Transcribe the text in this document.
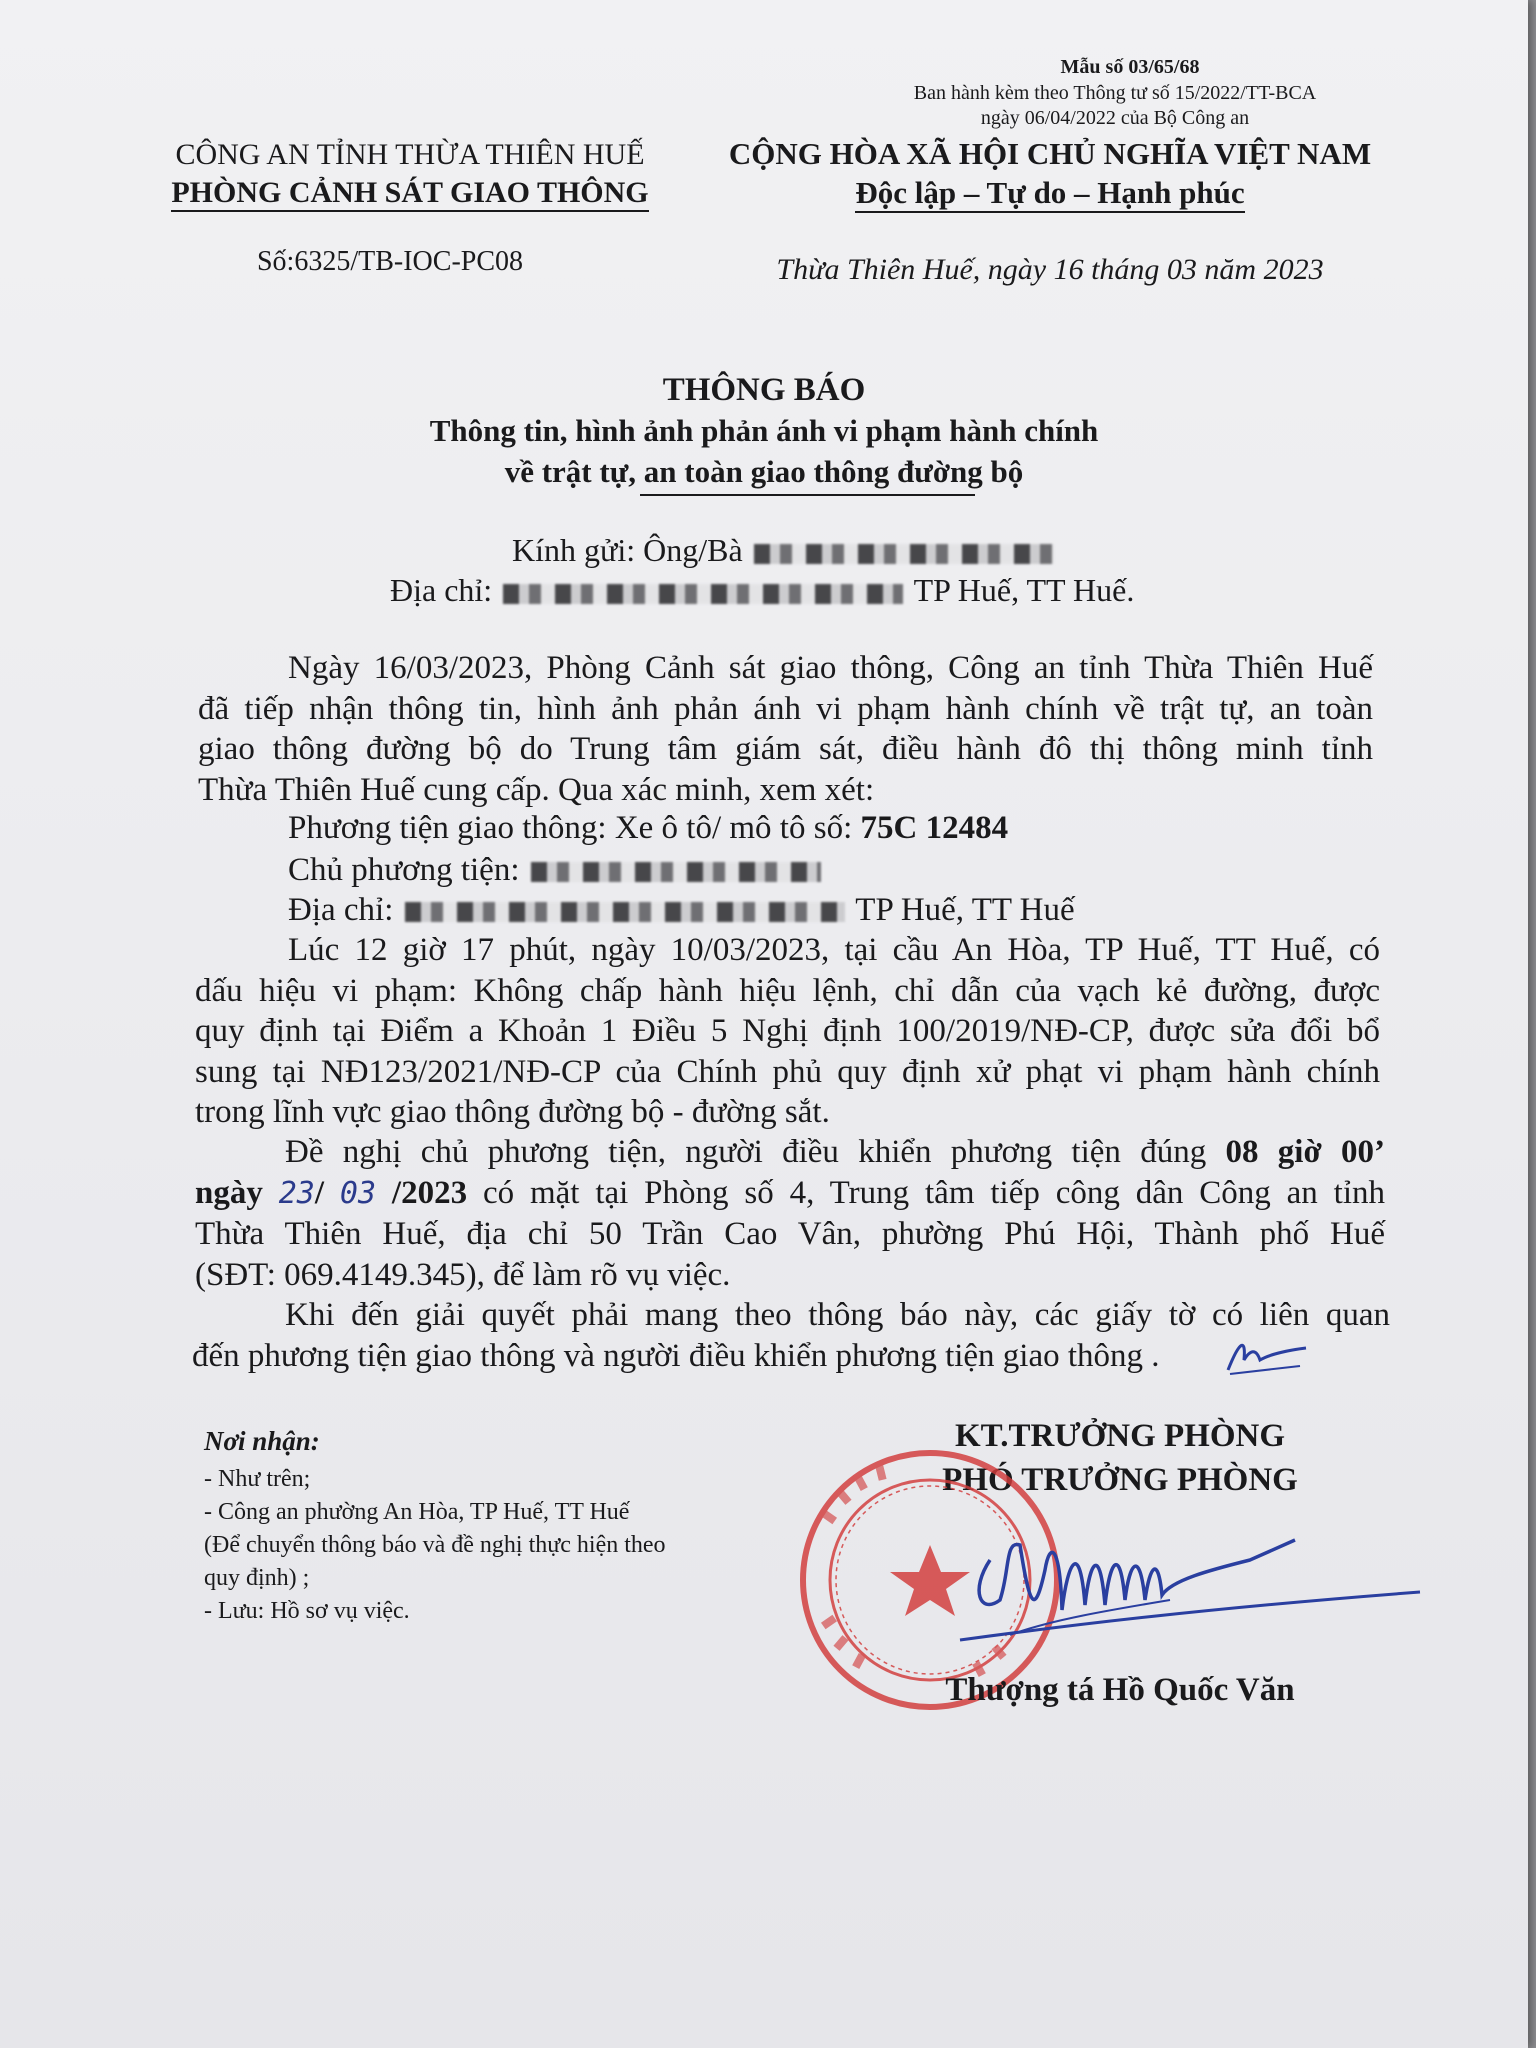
Mẫu số 03/65/68
Ban hành kèm theo Thông tư số 15/2022/TT-BCA
ngày 06/04/2022 của Bộ Công an
CÔNG AN TỈNH THỪA THIÊN HUẾ
PHÒNG CẢNH SÁT GIAO THÔNG
Số:6325/TB-IOC-PC08
CỘNG HÒA XÃ HỘI CHỦ NGHĨA VIỆT NAM
Độc lập – Tự do – Hạnh phúc
Thừa Thiên Huế, ngày 16 tháng 03 năm 2023
THÔNG BÁO
Thông tin, hình ảnh phản ánh vi phạm hành chính
về trật tự, an toàn giao thông đường bộ
Kính gửi: Ông/Bà
Địa chỉ:	TP Huế, TT Huế.
Ngày 16/03/2023, Phòng Cảnh sát giao thông, Công an tỉnh Thừa Thiên Huế
đã tiếp nhận thông tin, hình ảnh phản ánh vi phạm hành chính về trật tự, an toàn
giao thông đường bộ do Trung tâm giám sát, điều hành đô thị thông minh tỉnh
Thừa Thiên Huế cung cấp. Qua xác minh, xem xét:
Phương tiện giao thông: Xe ô tô/ mô tô số: 75C 12484
Chủ phương tiện:
Địa chỉ:	TP Huế, TT Huế
Lúc 12 giờ 17 phút, ngày 10/03/2023, tại cầu An Hòa, TP Huế, TT Huế, có
dấu hiệu vi phạm: Không chấp hành hiệu lệnh, chỉ dẫn của vạch kẻ đường, được
quy định tại Điểm a Khoản 1 Điều 5 Nghị định 100/2019/NĐ-CP, được sửa đổi bổ
sung tại NĐ123/2021/NĐ-CP của Chính phủ quy định xử phạt vi phạm hành chính
trong lĩnh vực giao thông đường bộ - đường sắt.
Đề nghị chủ phương tiện, người điều khiển phương tiện đúng 08 giờ 00’
ngày 23/ 03 /2023 có mặt tại Phòng số 4, Trung tâm tiếp công dân Công an tỉnh
Thừa Thiên Huế, địa chỉ 50 Trần Cao Vân, phường Phú Hội, Thành phố Huế
(SĐT: 069.4149.345), để làm rõ vụ việc.
Khi đến giải quyết phải mang theo thông báo này, các giấy tờ có liên quan
đến phương tiện giao thông và người điều khiển phương tiện giao thông .
Nơi nhận:
- Như trên;
- Công an phường An Hòa, TP Huế, TT Huế
(Để chuyển thông báo và đề nghị thực hiện theo
quy định) ;
- Lưu: Hồ sơ vụ việc.
KT.TRƯỞNG PHÒNG
PHÓ TRƯỞNG PHÒNG
Thượng tá Hồ Quốc Văn
